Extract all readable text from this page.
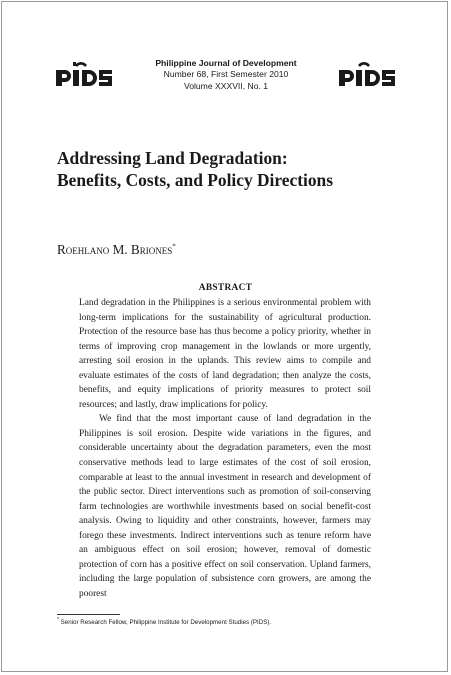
Philippine Journal of Development
Number 68, First Semester 2010
Volume XXXVII, No. 1
Addressing Land Degradation:
Benefits, Costs, and Policy Directions

Roehlano M. Briones*

ABSTRACT

Land degradation in the Philippines is a serious environmental problem with long-term implications for the sustainability of agricultural production. Protection of the resource base has thus become a policy priority, whether in terms of improving crop management in the lowlands or more urgently, arresting soil erosion in the uplands. This review aims to compile and evaluate estimates of the costs of land degradation; then analyze the costs, benefits, and equity implications of priority measures to protect soil resources; and lastly, draw implications for policy.

We find that the most important cause of land degradation in the Philippines is soil erosion. Despite wide variations in the figures, and considerable uncertainty about the degradation parameters, even the most conservative methods lead to large estimates of the cost of soil erosion, comparable at least to the annual investment in research and development of the public sector. Direct interventions such as promotion of soil-conserving farm technologies are worthwhile investments based on social benefit-cost analysis. Owing to liquidity and other constraints, however, farmers may forego these investments. Indirect interventions such as tenure reform have an ambiguous effect on soil erosion; however, removal of domestic protection of corn has a positive effect on soil conservation. Upland farmers, including the large population of subsistence corn growers, are among the poorest

* Senior Research Fellow, Philippine Institute for Development Studies (PIDS).
